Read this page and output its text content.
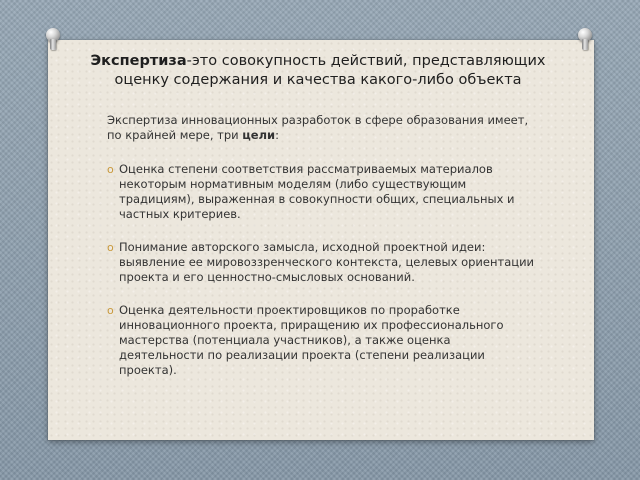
Экспертиза-это совокупность действий, представляющих оценку содержания и качества какого-либо объекта

Экспертиза инновационных разработок в сфере образования имеет, по крайней мере, три цели:

o Оценка степени соответствия рассматриваемых материалов некоторым нормативным моделям (либо существующим традициям), выраженная в совокупности общих, специальных и частных критериев.
o Понимание авторского замысла, исходной проектной идеи: выявление ее мировоззренческого контекста, целевых ориентации проекта и его ценностно-смысловых оснований.
o Оценка деятельности проектировщиков по проработке инновационного проекта, приращению их профессионального мастерства (потенциала участников), а также оценка деятельности по реализации проекта (степени реализации проекта).
